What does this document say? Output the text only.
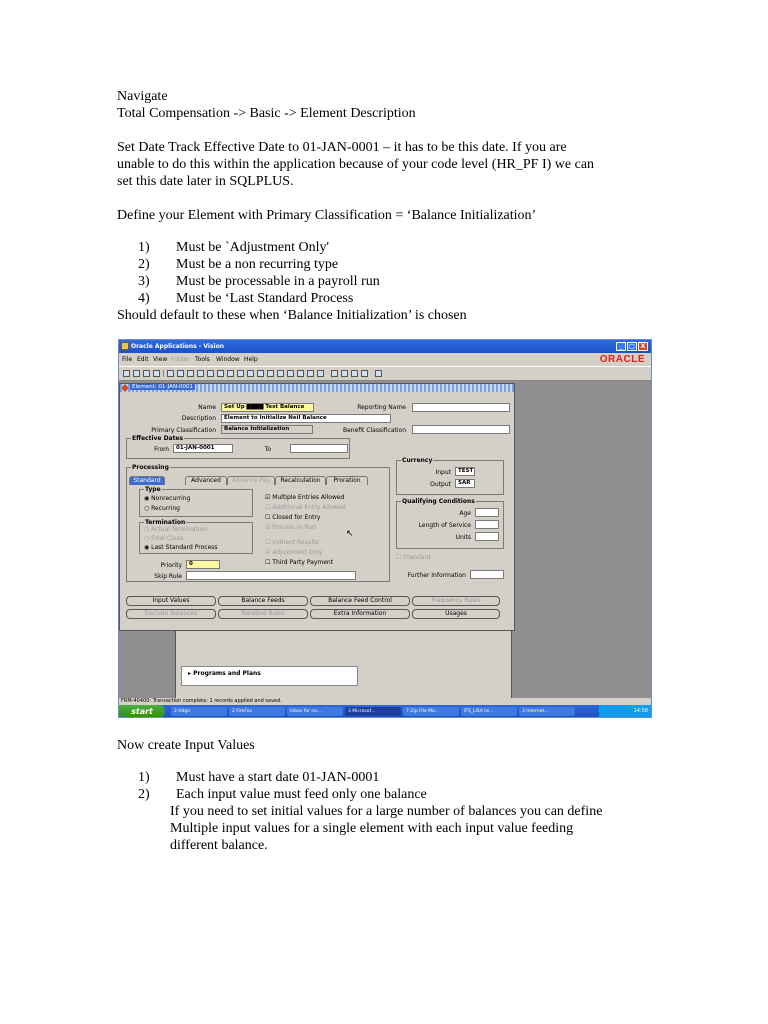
Navigate

Total Compensation -> Basic -> Element Description

Set Date Track Effective Date to 01-JAN-0001 – it has to be this date. If you are

unable to do this within the application because of your code level (HR_PF I) we can

set this date later in SQLPLUS.

Define your Element with Primary Classification = ‘Balance Initialization’

1) Must be `Adjustment Only'
2) Must be a non recurring type
3) Must be processable in a payroll run
4) Must be ‘Last Standard Process

Should default to these when ‘Balance Initialization’ is chosen

Oracle Applications - Vision	_	□ X
File Edit View Folder Tools Window Help	ORACLE
▸ Programs and Plans
Element: 01-JAN-0001
Name	Set Up ████ Test Balance	Reporting Name
Description	Element to Initialize Neil Balance
Primary Classification	Balance Initialization	Benefit Classification
Effective Dates
From	01-JAN-0001	To
Processing
Standard	Advanced	Advance Pay	Recalculation	Proration
Type
◉ Nonrecurring
○ Recurring
Termination
○ Actual Termination
○ Final Close
◉ Last Standard Process
☑ Multiple Entries Allowed
☐ Additional Entry Allowed
☐ Closed for Entry
☑ Process in Run
☐ Indirect Results
☑ Adjustment Only
☐ Third Party Payment
Priority	0
Skip Rule
↖
Currency
Input	TEST
Output	SAR
Qualifying Conditions
Age
Length of Service
Units
☐ Standard
Further Information
Input Values	Balance Feeds	Balance Feed Control	Frequency Rules
Exclude Balances	Iterative Rules	Extra Information	Usages
FRM-40400: Transaction complete: 1 records applied and saved.
start	2 Hdgn	2 FireFox	Inbox for ne...	3 Microsof...	7-Zip File Ma...	IFS_LISA lis...	3 Internet...	14:58

Now create Input Values

1) Must have a start date 01-JAN-0001
2) Each input value must feed only one balance
If you need to set initial values for a large number of balances you can define
Multiple input values for a single element with each input value feeding
different balance.
